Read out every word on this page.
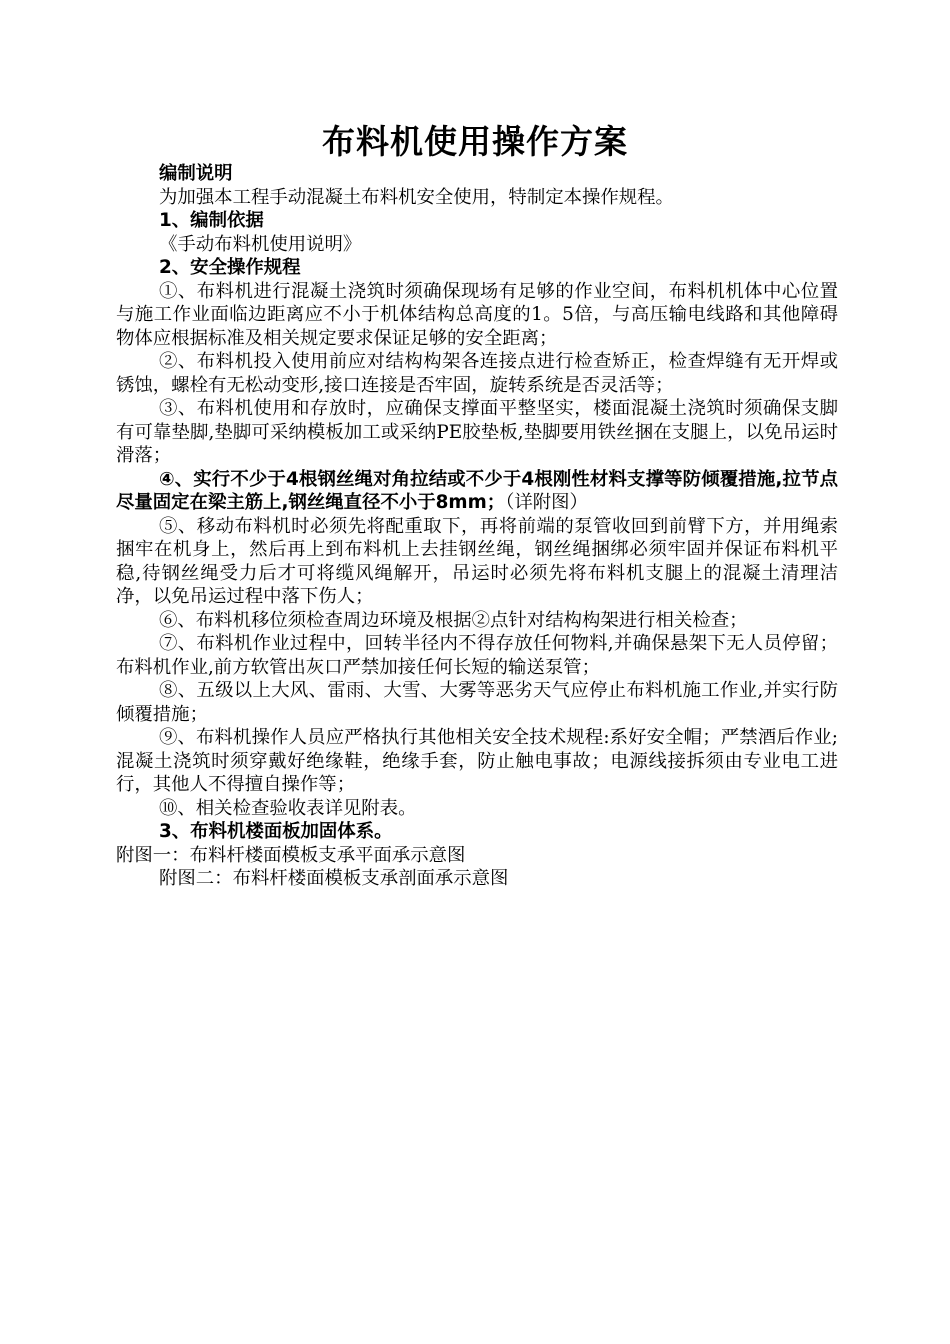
布料机使用操作方案

编制说明

为加强本工程手动混凝土布料机安全使用，特制定本操作规程。

1、编制依据

《手动布料机使用说明》

2、安全操作规程

①、布料机进行混凝土浇筑时须确保现场有足够的作业空间，布料机机体中心位置与施工作业面临边距离应不小于机体结构总高度的1。5倍，与高压输电线路和其他障碍物体应根据标准及相关规定要求保证足够的安全距离；

②、布料机投入使用前应对结构构架各连接点进行检查矫正，检查焊缝有无开焊或锈蚀，螺栓有无松动变形,接口连接是否牢固，旋转系统是否灵活等；

③、布料机使用和存放时，应确保支撑面平整坚实，楼面混凝土浇筑时须确保支脚有可靠垫脚,垫脚可采纳模板加工或采纳PE胶垫板,垫脚要用铁丝捆在支腿上，以免吊运时滑落；

④、实行不少于4根钢丝绳对角拉结或不少于4根刚性材料支撑等防倾覆措施,拉节点尽量固定在梁主筋上,钢丝绳直径不小于8mm；（详附图）

⑤、移动布料机时必须先将配重取下，再将前端的泵管收回到前臂下方，并用绳索捆牢在机身上，然后再上到布料机上去挂钢丝绳，钢丝绳捆绑必须牢固并保证布料机平稳,待钢丝绳受力后才可将缆风绳解开，吊运时必须先将布料机支腿上的混凝土清理洁净，以免吊运过程中落下伤人；

⑥、布料机移位须检查周边环境及根据②点针对结构构架进行相关检查；

⑦、布料机作业过程中，回转半径内不得存放任何物料,并确保悬架下无人员停留；布料机作业,前方软管出灰口严禁加接任何长短的输送泵管；

⑧、五级以上大风、雷雨、大雪、大雾等恶劣天气应停止布料机施工作业,并实行防倾覆措施；

⑨、布料机操作人员应严格执行其他相关安全技术规程:系好安全帽；严禁酒后作业;混凝土浇筑时须穿戴好绝缘鞋，绝缘手套，防止触电事故；电源线接拆须由专业电工进行，其他人不得擅自操作等；

⑩、相关检查验收表详见附表。

3、布料机楼面板加固体系。

附图一：布料杆楼面模板支承平面承示意图

附图二：布料杆楼面模板支承剖面承示意图
